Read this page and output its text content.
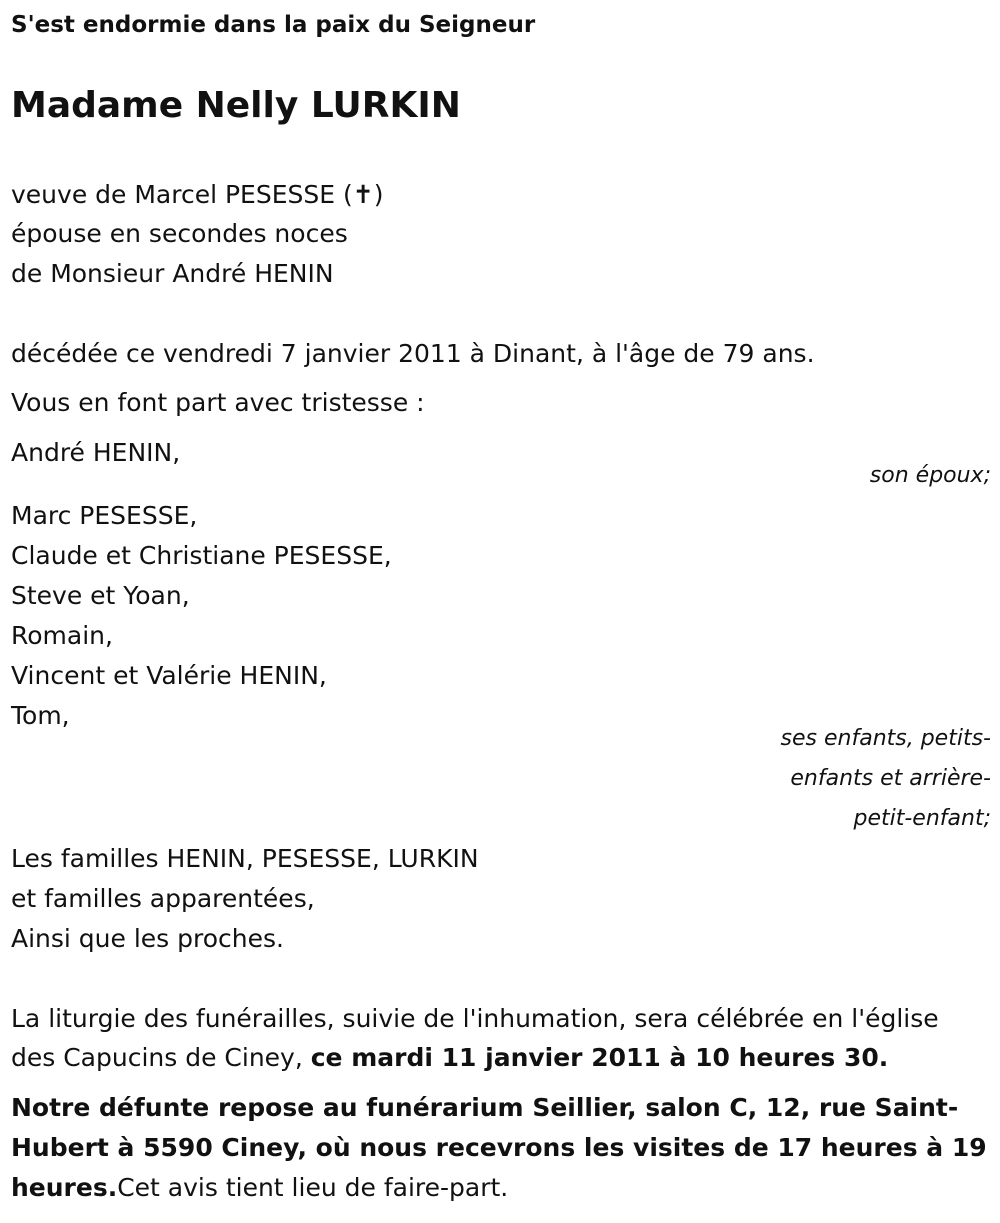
S'est endormie dans la paix du Seigneur
Madame Nelly LURKIN
veuve de Marcel PESESSE (✝)
épouse en secondes noces
de Monsieur André HENIN
décédée ce vendredi 7 janvier 2011 à Dinant, à l'âge de 79 ans.
Vous en font part avec tristesse :
André HENIN,
son époux;
Marc PESESSE,
Claude et Christiane PESESSE,
Steve et Yoan,
Romain,
Vincent et Valérie HENIN,
Tom,
ses enfants, petits-
enfants et arrière-
petit-enfant;
Les familles HENIN, PESESSE, LURKIN
et familles apparentées,
Ainsi que les proches.
La liturgie des funérailles, suivie de l'inhumation, sera célébrée en l'église
des Capucins de Ciney, ce mardi 11 janvier 2011 à 10 heures 30.
Notre défunte repose au funérarium Seillier, salon C, 12, rue Saint-
Hubert à 5590 Ciney, où nous recevrons les visites de 17 heures à 19
heures.Cet avis tient lieu de faire-part.
